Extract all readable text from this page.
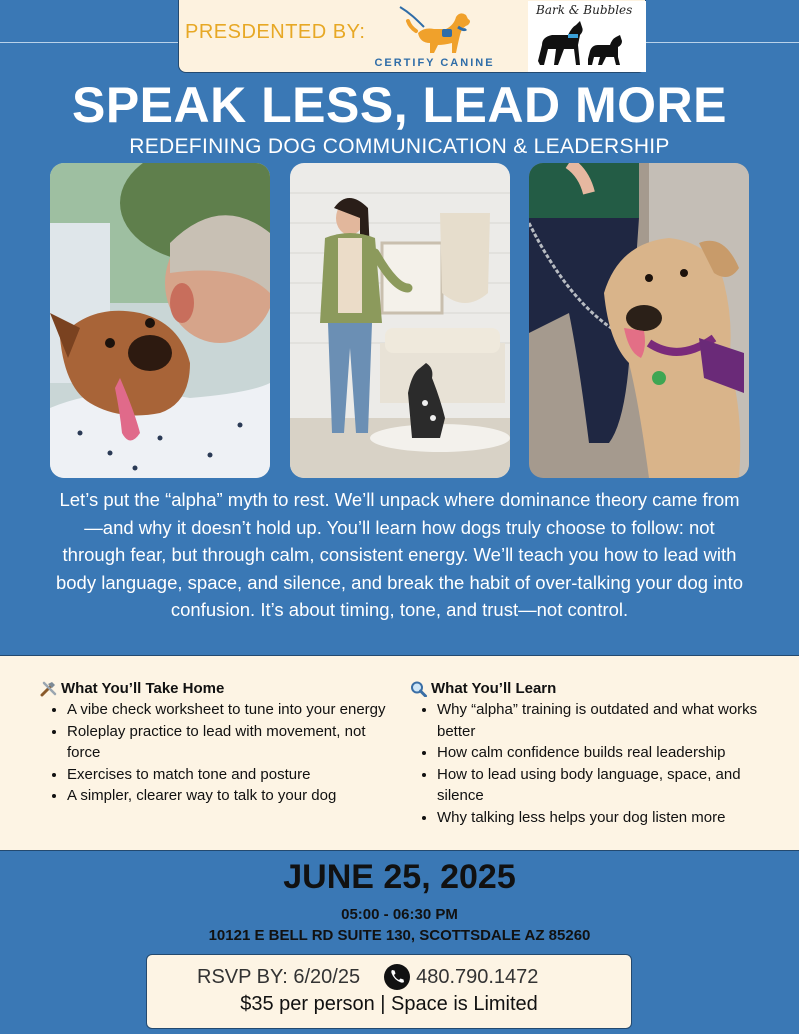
PRESDENTED BY:
CERTIFY CANINE
Bark & Bubbles
SPEAK LESS, LEAD MORE
REDEFINING DOG COMMUNICATION & LEADERSHIP
Let’s put the “alpha” myth to rest. We’ll unpack where dominance theory came from—and why it doesn’t hold up. You’ll learn how dogs truly choose to follow: not through fear, but through calm, consistent energy. We’ll teach you how to lead with body language, space, and silence, and break the habit of over-talking your dog into confusion. It’s about timing, tone, and trust—not control.
What You’ll Take Home
• A vibe check worksheet to tune into your energy
• Roleplay practice to lead with movement, not force
• Exercises to match tone and posture
• A simpler, clearer way to talk to your dog
What You’ll Learn
• Why “alpha” training is outdated and what works better
• How calm confidence builds real leadership
• How to lead using body language, space, and silence
• Why talking less helps your dog listen more
JUNE 25, 2025
05:00 - 06:30 PM
10121 E BELL RD SUITE 130, SCOTTSDALE AZ 85260
RSVP BY: 6/20/25	480.790.1472
$35 per person | Space is Limited
